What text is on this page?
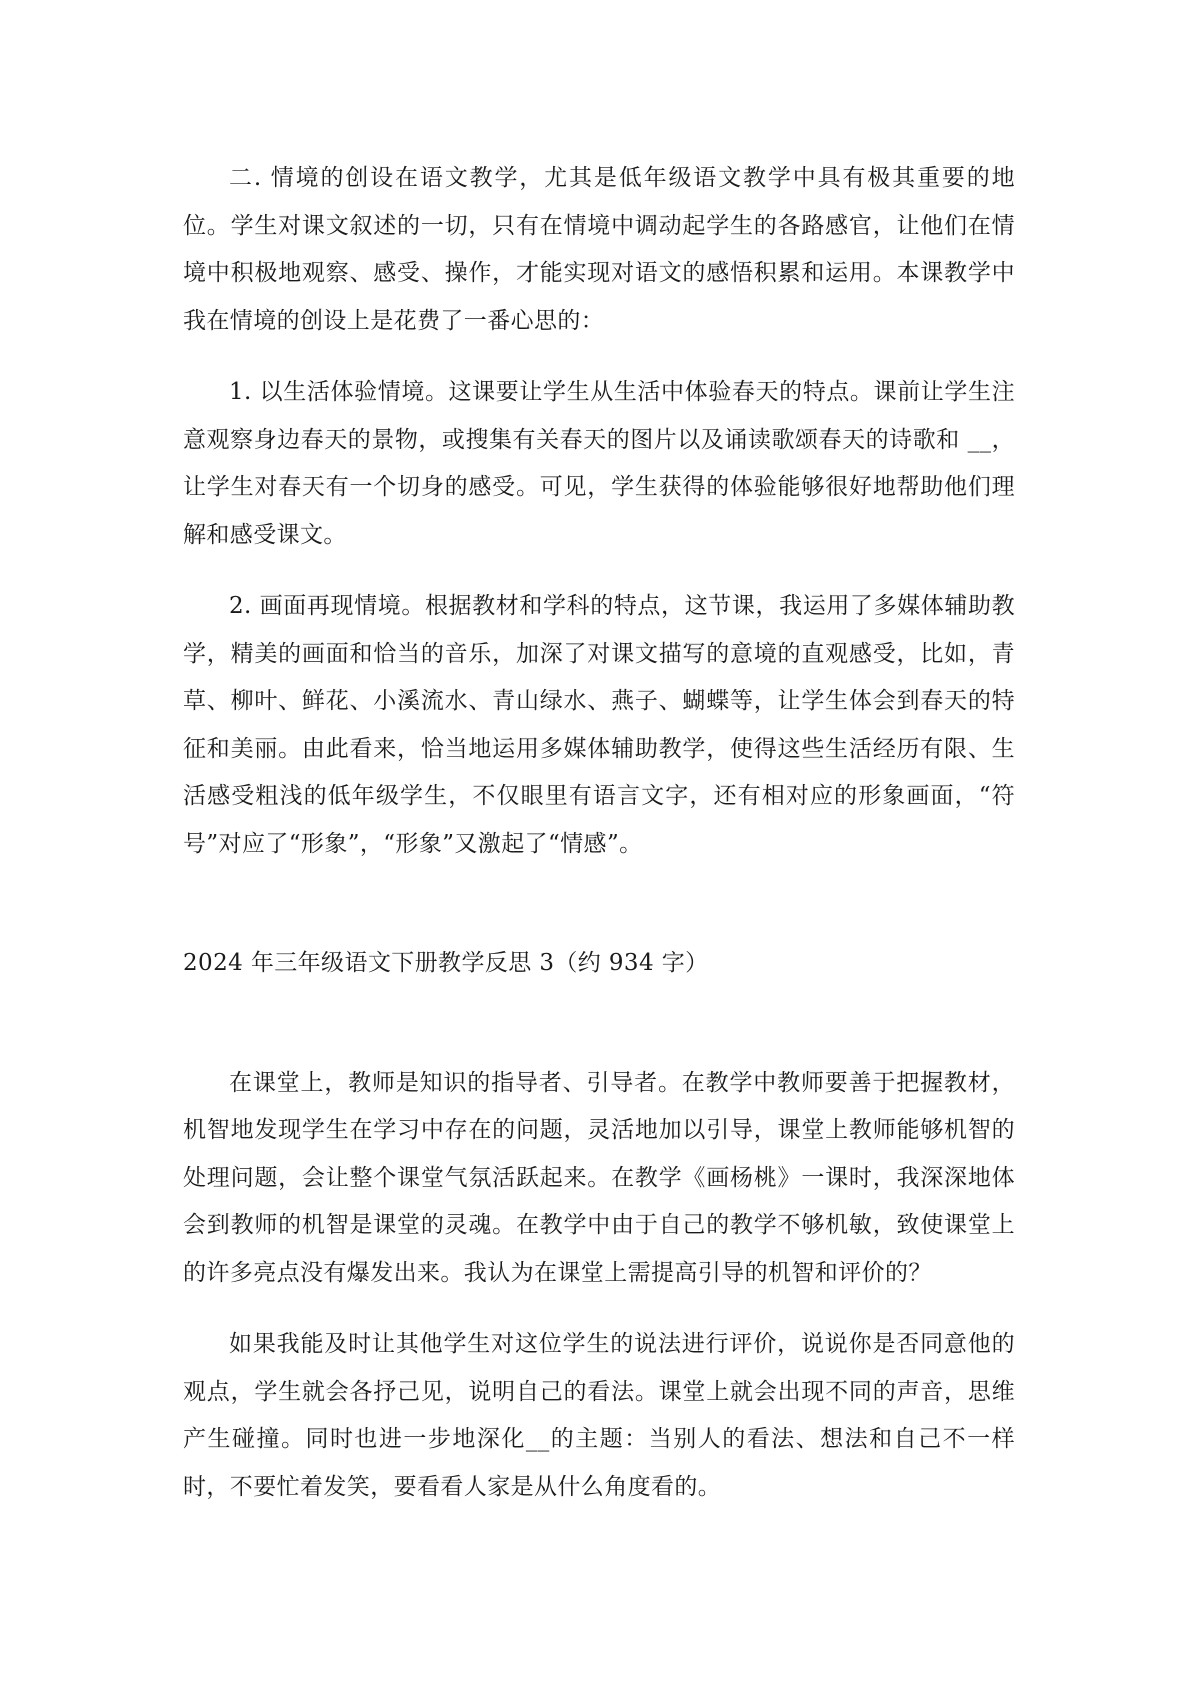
二. 情境的创设在语文教学，尤其是低年级语文教学中具有极其重要的地位。学生对课文叙述的一切，只有在情境中调动起学生的各路感官，让他们在情境中积极地观察、感受、操作，才能实现对语文的感悟积累和运用。本课教学中我在情境的创设上是花费了一番心思的：

1. 以生活体验情境。这课要让学生从生活中体验春天的特点。课前让学生注意观察身边春天的景物，或搜集有关春天的图片以及诵读歌颂春天的诗歌和 __，让学生对春天有一个切身的感受。可见，学生获得的体验能够很好地帮助他们理解和感受课文。

2. 画面再现情境。根据教材和学科的特点，这节课，我运用了多媒体辅助教学，精美的画面和恰当的音乐，加深了对课文描写的意境的直观感受，比如，青草、柳叶、鲜花、小溪流水、青山绿水、燕子、蝴蝶等，让学生体会到春天的特征和美丽。由此看来，恰当地运用多媒体辅助教学，使得这些生活经历有限、生活感受粗浅的低年级学生，不仅眼里有语言文字，还有相对应的形象画面，“符号”对应了“形象”，“形象”又激起了“情感”。

2024 年三年级语文下册教学反思 3（约 934 字）

在课堂上，教师是知识的指导者、引导者。在教学中教师要善于把握教材，机智地发现学生在学习中存在的问题，灵活地加以引导，课堂上教师能够机智的处理问题，会让整个课堂气氛活跃起来。在教学《画杨桃》一课时，我深深地体会到教师的机智是课堂的灵魂。在教学中由于自己的教学不够机敏，致使课堂上的许多亮点没有爆发出来。我认为在课堂上需提高引导的机智和评价的？

如果我能及时让其他学生对这位学生的说法进行评价，说说你是否同意他的观点，学生就会各抒己见，说明自己的看法。课堂上就会出现不同的声音，思维产生碰撞。同时也进一步地深化__的主题：当别人的看法、想法和自己不一样时，不要忙着发笑，要看看人家是从什么角度看的。
